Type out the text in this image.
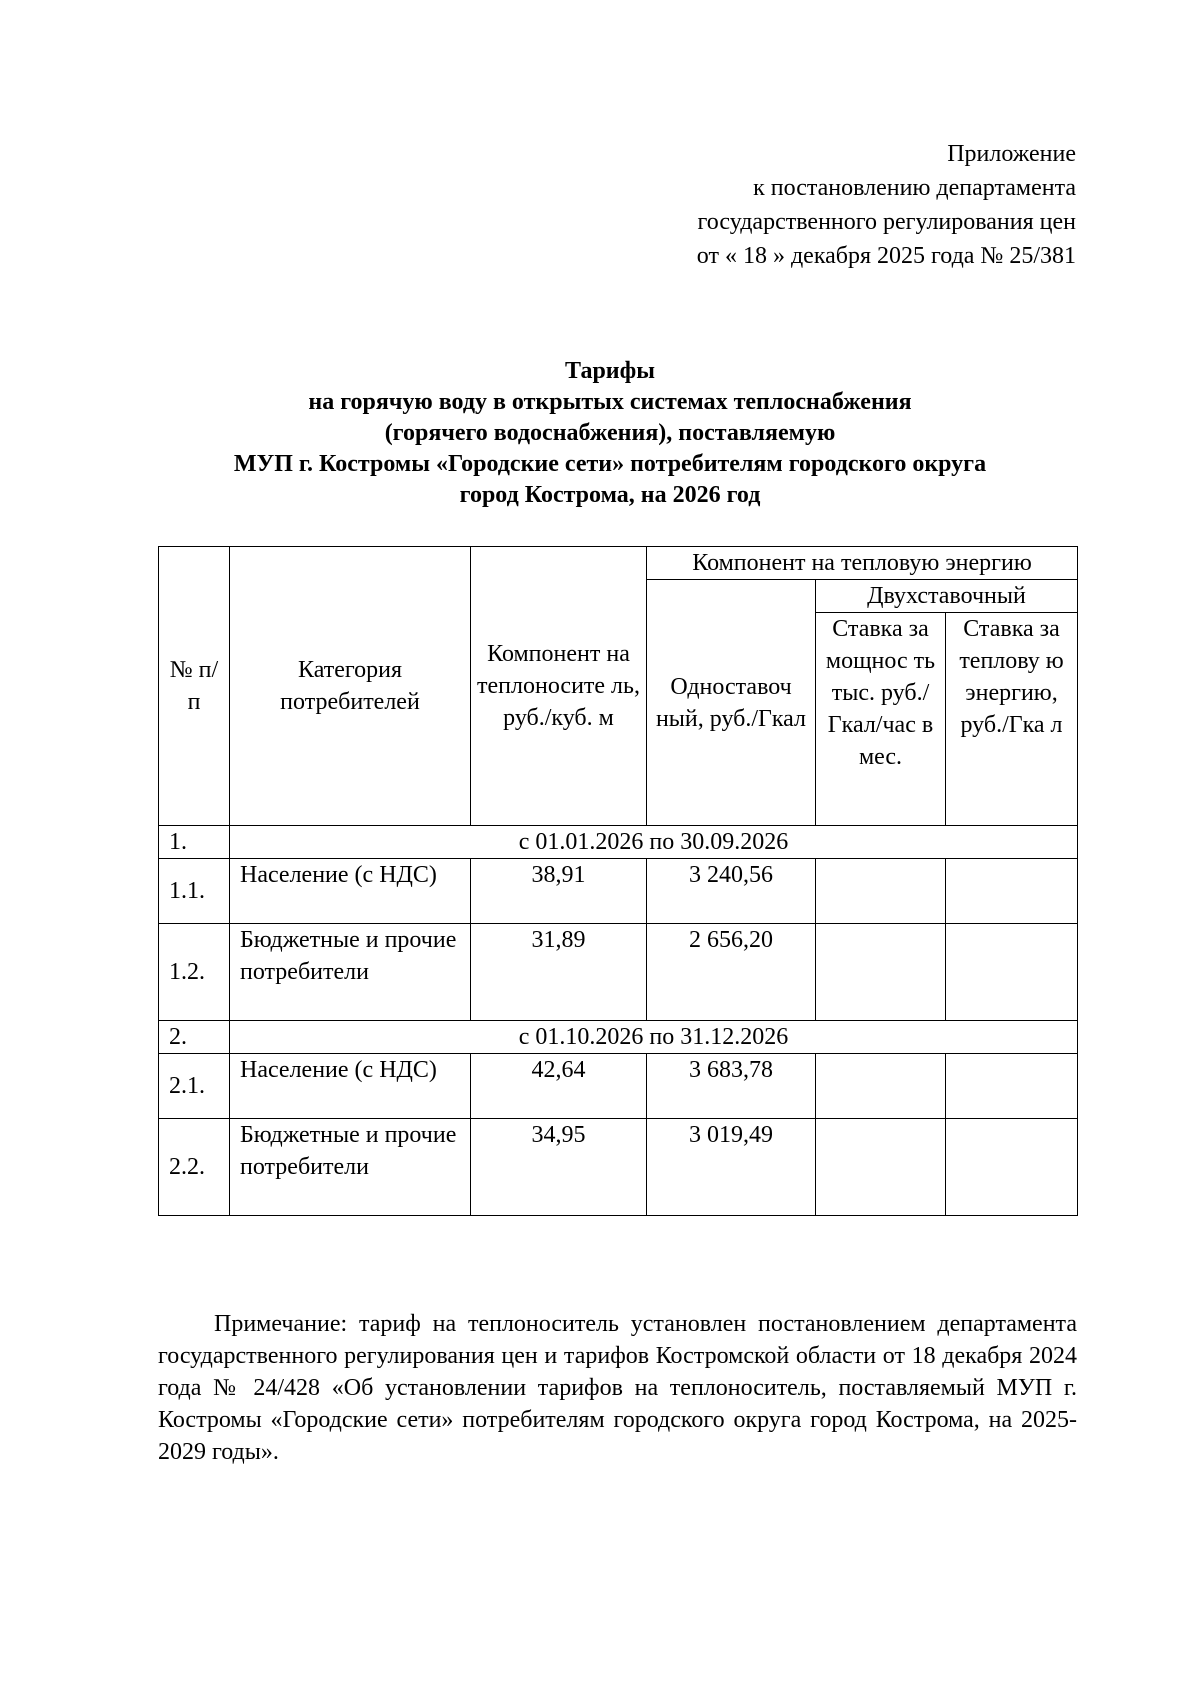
Приложение
к постановлению департамента
государственного регулирования цен
от « 18 » декабря 2025 года № 25/381
Тарифы
на горячую воду в открытых системах теплоснабжения
(горячего водоснабжения), поставляемую
МУП г. Костромы «Городские сети» потребителям городского округа
город Кострома, на 2026 год
№ п/п	Категория потребителей	Компонент на теплоносите ль, руб./куб. м	Компонент на тепловую энергию		
			Одноставоч ный, руб./Гкал	Двухставочный	
				Ставка за мощнос ть тыс. руб./ Гкал/час в мес.	Ставка за теплову ю энергию, руб./Гка л
1.	с 01.01.2026 по 30.09.2026				
1.1.	Население (с НДС)	38,91	3 240,56		
1.2.	Бюджетные и прочие потребители	31,89	2 656,20		
2.	с 01.10.2026 по 31.12.2026				
2.1.	Население (с НДС)	42,64	3 683,78		
2.2.	Бюджетные и прочие потребители	34,95	3 019,49		

Примечание: тариф на теплоноситель установлен постановлением департамента государственного регулирования цен и тарифов Костромской области от 18 декабря 2024 года № 24/428 «Об установлении тарифов на теплоноситель, поставляемый МУП г. Костромы «Городские сети» потребителям городского округа город Кострома, на 2025-2029 годы».
